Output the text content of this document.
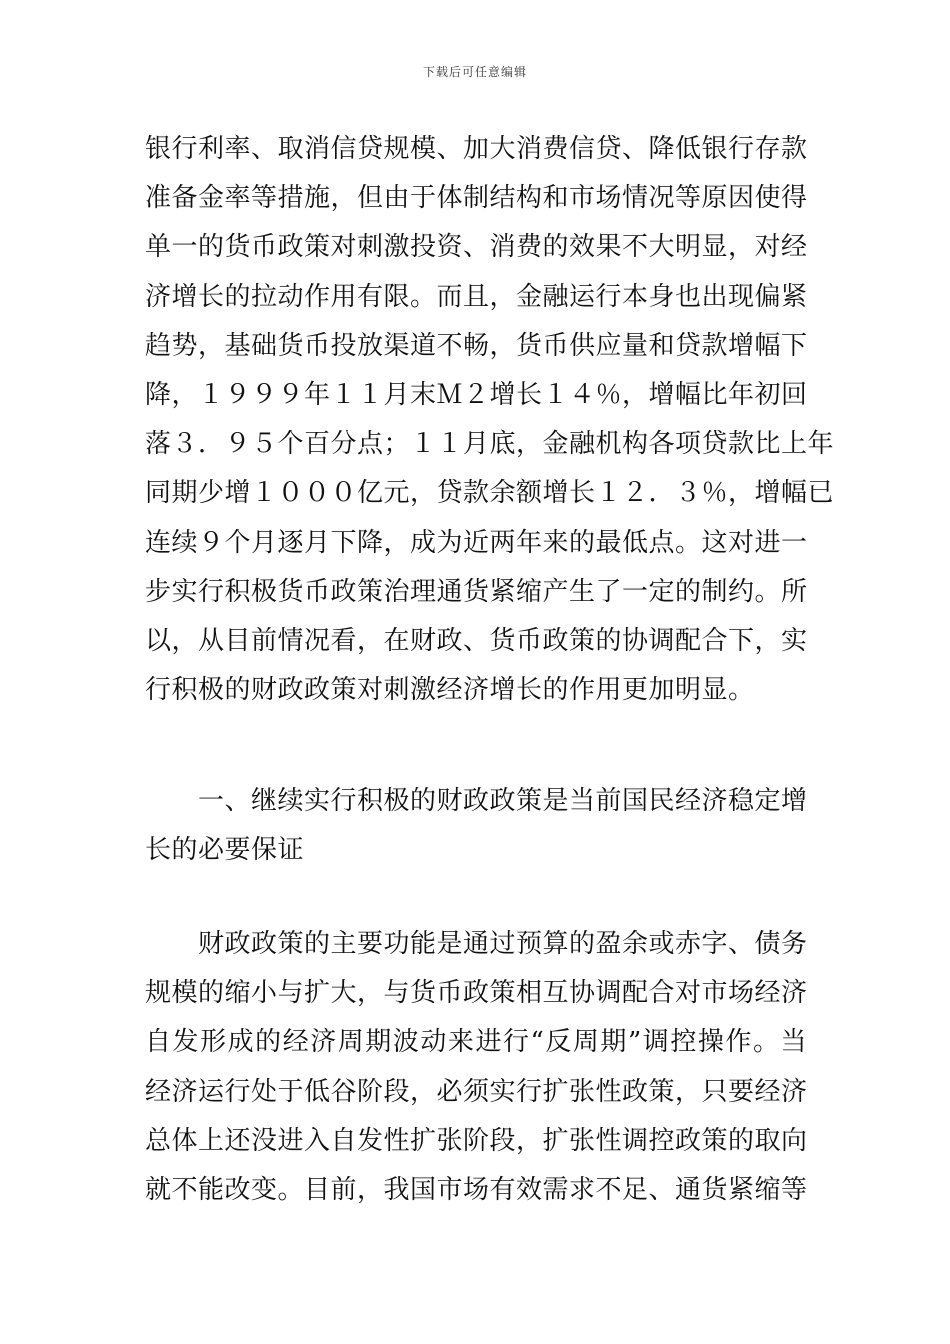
下载后可任意编辑
银行利率、取消信贷规模、加大消费信贷、降低银行存款
准备金率等措施，但由于体制结构和市场情况等原因使得
单一的货币政策对刺激投资、消费的效果不大明显，对经
济增长的拉动作用有限。而且，金融运行本身也出现偏紧
趋势，基础货币投放渠道不畅，货币供应量和贷款增幅下
降，１９９９年１１月末Ｍ２增长１４％，增幅比年初回
落３．９５个百分点；１１月底，金融机构各项贷款比上年
同期少增１０００亿元，贷款余额增长１２．３％，增幅已
连续９个月逐月下降，成为近两年来的最低点。这对进一
步实行积极货币政策治理通货紧缩产生了一定的制约。所
以，从目前情况看，在财政、货币政策的协调配合下，实
行积极的财政政策对刺激经济增长的作用更加明显。
　　一、继续实行积极的财政政策是当前国民经济稳定增
长的必要保证
　　财政政策的主要功能是通过预算的盈余或赤字、债务
规模的缩小与扩大，与货币政策相互协调配合对市场经济
自发形成的经济周期波动来进行“反周期”调控操作。当
经济运行处于低谷阶段，必须实行扩张性政策，只要经济
总体上还没进入自发性扩张阶段，扩张性调控政策的取向
就不能改变。目前，我国市场有效需求不足、通货紧缩等
